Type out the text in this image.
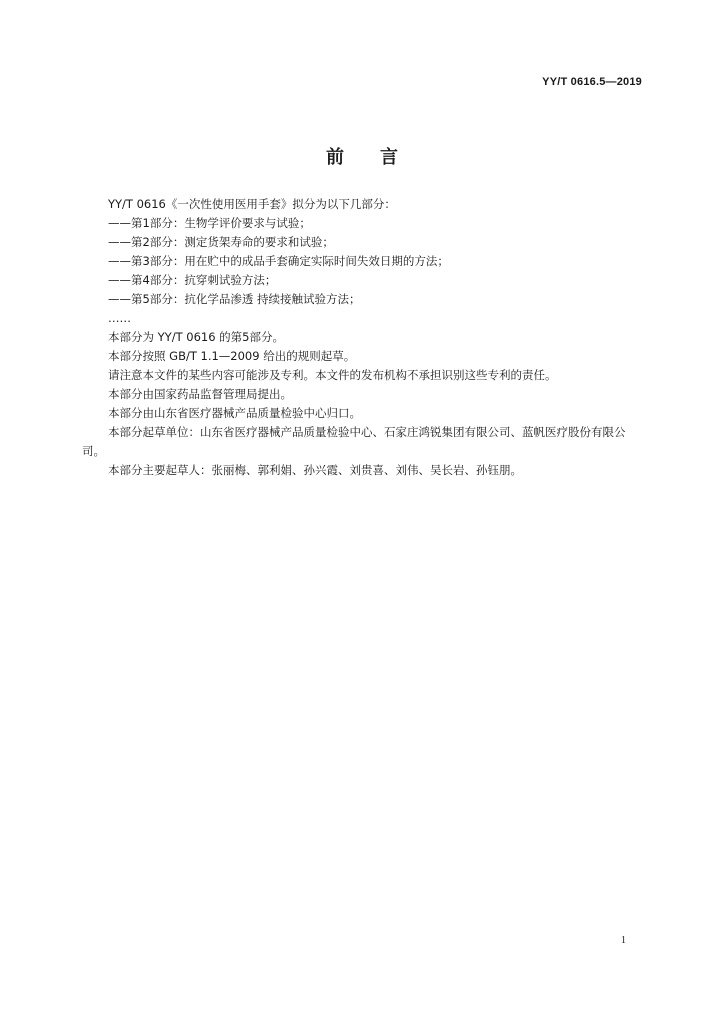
YY/T 0616.5—2019
前言

YY/T 0616《一次性使用医用手套》拟分为以下几部分：

——第1部分：生物学评价要求与试验；

——第2部分：测定货架寿命的要求和试验；

——第3部分：用在贮中的成品手套确定实际时间失效日期的方法；

——第4部分：抗穿刺试验方法；

——第5部分：抗化学品渗透 持续接触试验方法；

……

本部分为 YY/T 0616 的第5部分。

本部分按照 GB/T 1.1—2009 给出的规则起草。

请注意本文件的某些内容可能涉及专利。本文件的发布机构不承担识别这些专利的责任。

本部分由国家药品监督管理局提出。

本部分由山东省医疗器械产品质量检验中心归口。

本部分起草单位：山东省医疗器械产品质量检验中心、石家庄鸿锐集团有限公司、蓝帆医疗股份有限公司。

本部分主要起草人：张丽梅、郭利娟、孙兴霞、刘贵喜、刘伟、吴长岩、孙钰朋。

1
